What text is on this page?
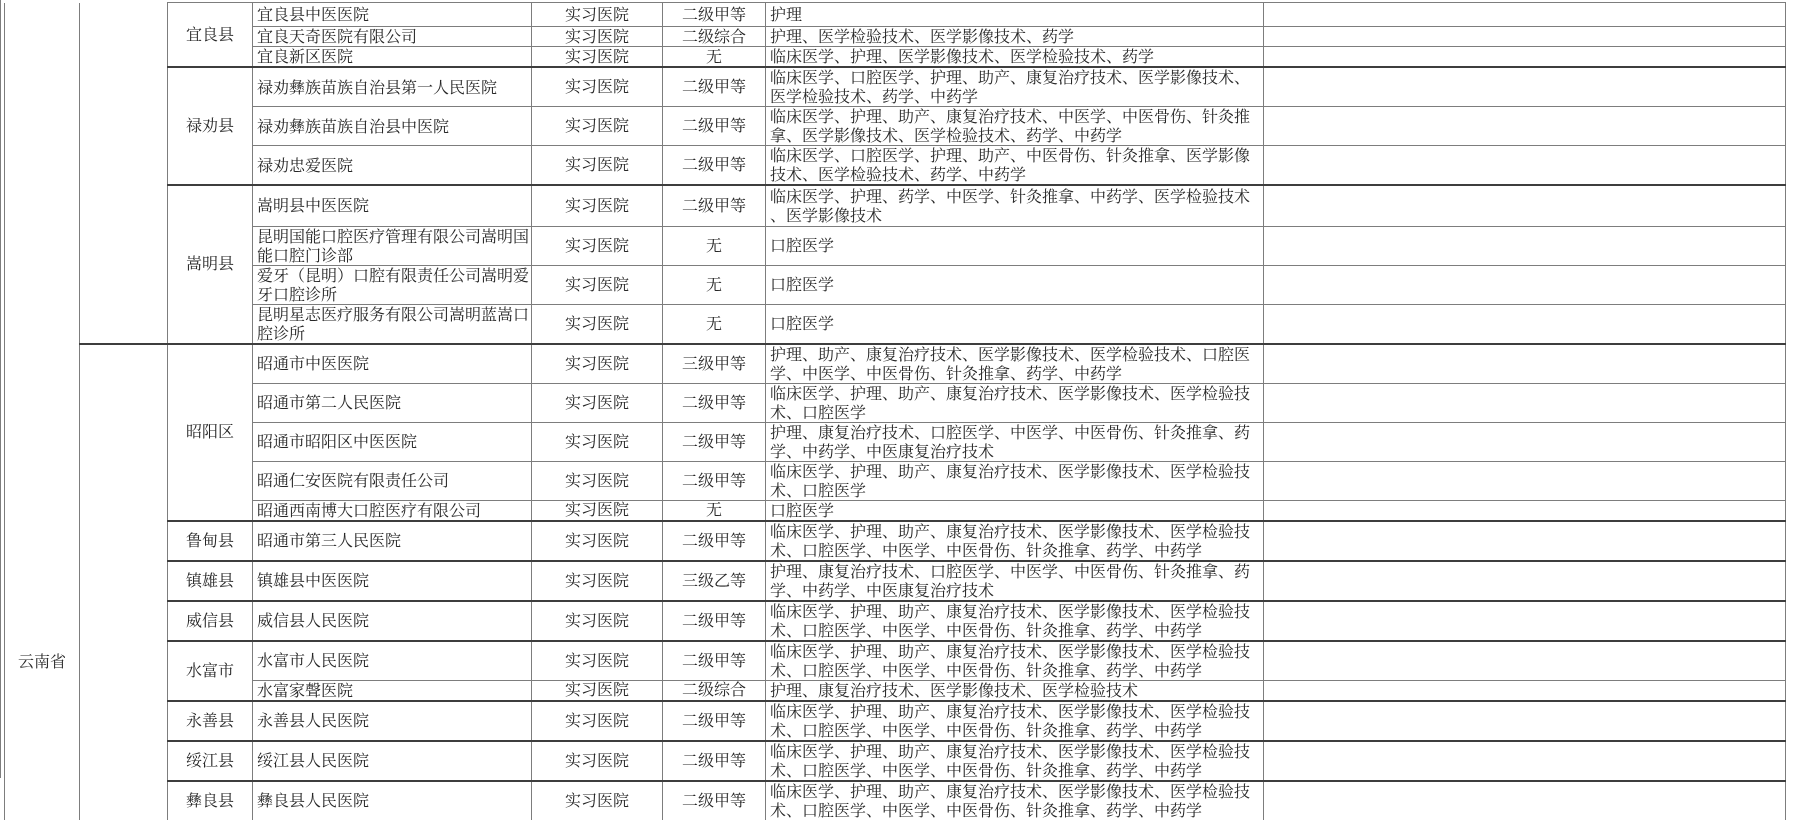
云南省		宜良县	宜良县中医医院	实习医院	二级甲等	护理	
			宜良天奇医院有限公司	实习医院	二级综合	护理、医学检验技术、医学影像技术、药学	
			宜良新区医院	实习医院	无	临床医学、护理、医学影像技术、医学检验技术、药学	
		禄劝县	禄劝彝族苗族自治县第一人民医院	实习医院	二级甲等	临床医学、口腔医学、护理、助产、康复治疗技术、医学影像技术、医学检验技术、药学、中药学	
			禄劝彝族苗族自治县中医院	实习医院	二级甲等	临床医学、护理、助产、康复治疗技术、中医学、中医骨伤、针灸推拿、医学影像技术、医学检验技术、药学、中药学	
			禄劝忠爱医院	实习医院	二级甲等	临床医学、口腔医学、护理、助产、中医骨伤、针灸推拿、医学影像技术、医学检验技术、药学、中药学	
		嵩明县	嵩明县中医医院	实习医院	二级甲等	临床医学、护理、药学、中医学、针灸推拿、中药学、医学检验技术、医学影像技术	
			昆明国能口腔医疗管理有限公司嵩明国能口腔门诊部	实习医院	无	口腔医学	
			爱牙（昆明）口腔有限责任公司嵩明爱牙口腔诊所	实习医院	无	口腔医学	
			昆明星志医疗服务有限公司嵩明蓝嵩口腔诊所	实习医院	无	口腔医学	
		昭阳区	昭通市中医医院	实习医院	三级甲等	护理、助产、康复治疗技术、医学影像技术、医学检验技术、口腔医学、中医学、中医骨伤、针灸推拿、药学、中药学	
			昭通市第二人民医院	实习医院	二级甲等	临床医学、护理、助产、康复治疗技术、医学影像技术、医学检验技术、口腔医学	
			昭通市昭阳区中医医院	实习医院	二级甲等	护理、康复治疗技术、口腔医学、中医学、中医骨伤、针灸推拿、药学、中药学、中医康复治疗技术	
			昭通仁安医院有限责任公司	实习医院	二级甲等	临床医学、护理、助产、康复治疗技术、医学影像技术、医学检验技术、口腔医学	
			昭通西南博大口腔医疗有限公司	实习医院	无	口腔医学	
		鲁甸县	昭通市第三人民医院	实习医院	二级甲等	临床医学、护理、助产、康复治疗技术、医学影像技术、医学检验技术、口腔医学、中医学、中医骨伤、针灸推拿、药学、中药学	
		镇雄县	镇雄县中医医院	实习医院	三级乙等	护理、康复治疗技术、口腔医学、中医学、中医骨伤、针灸推拿、药学、中药学、中医康复治疗技术	
		威信县	威信县人民医院	实习医院	二级甲等	临床医学、护理、助产、康复治疗技术、医学影像技术、医学检验技术、口腔医学、中医学、中医骨伤、针灸推拿、药学、中药学	
		水富市	水富市人民医院	实习医院	二级甲等	临床医学、护理、助产、康复治疗技术、医学影像技术、医学检验技术、口腔医学、中医学、中医骨伤、针灸推拿、药学、中药学	
			水富家聲医院	实习医院	二级综合	护理、康复治疗技术、医学影像技术、医学检验技术	
		永善县	永善县人民医院	实习医院	二级甲等	临床医学、护理、助产、康复治疗技术、医学影像技术、医学检验技术、口腔医学、中医学、中医骨伤、针灸推拿、药学、中药学	
		绥江县	绥江县人民医院	实习医院	二级甲等	临床医学、护理、助产、康复治疗技术、医学影像技术、医学检验技术、口腔医学、中医学、中医骨伤、针灸推拿、药学、中药学	
		彝良县	彝良县人民医院	实习医院	二级甲等	临床医学、护理、助产、康复治疗技术、医学影像技术、医学检验技术、口腔医学、中医学、中医骨伤、针灸推拿、药学、中药学	
